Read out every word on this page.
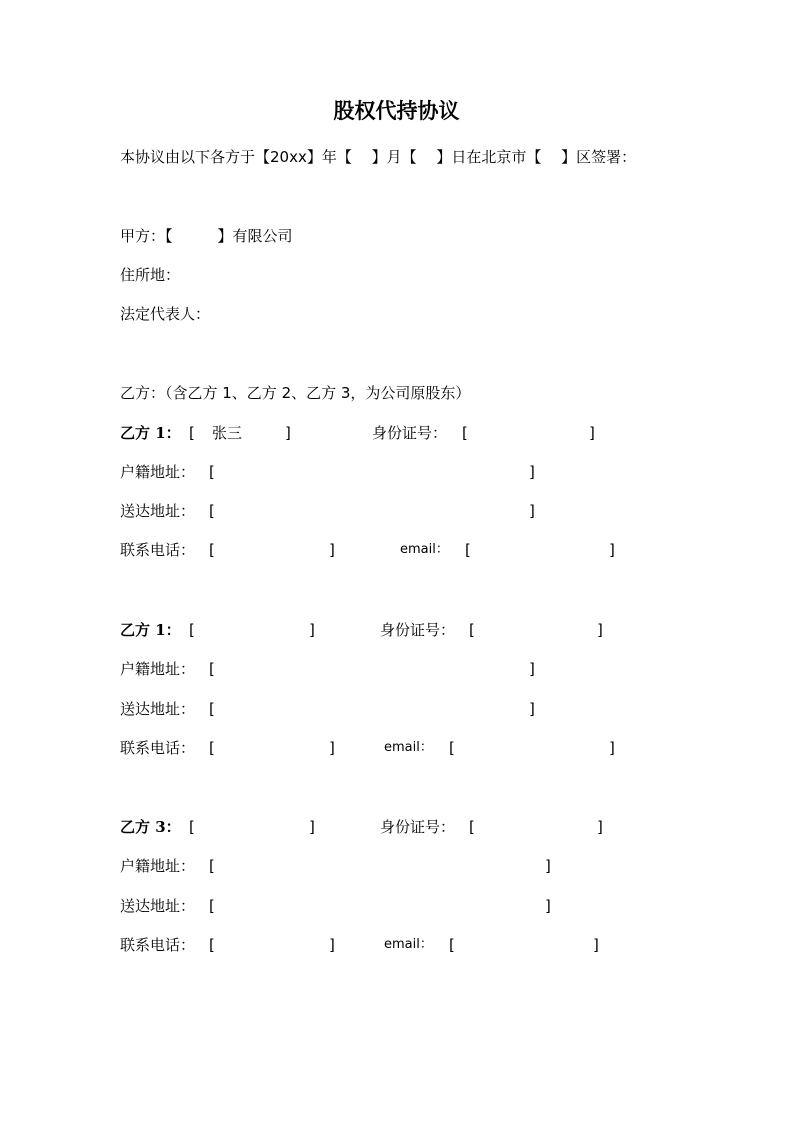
股权代持协议
本协议由以下各方于【20xx】年【　 】月【　 】日在北京市【　 】区签署：
甲方：【　　　】有限公司
住所地：
法定代表人：
乙方：（含乙方 1、乙方 2、乙方 3，为公司原股东）
乙方 1： [ 张三	]	身份证号： [	]
户籍地址： [	]
送达地址： [	]
联系电话： [	]	email： [	]
乙方 1： [	]	身份证号： [	]
户籍地址： [	]
送达地址： [	]
联系电话： [	]	email： [	]
乙方 3： [	]	身份证号： [	]
户籍地址： [	]
送达地址： [	]
联系电话： [	]	email： [	]
